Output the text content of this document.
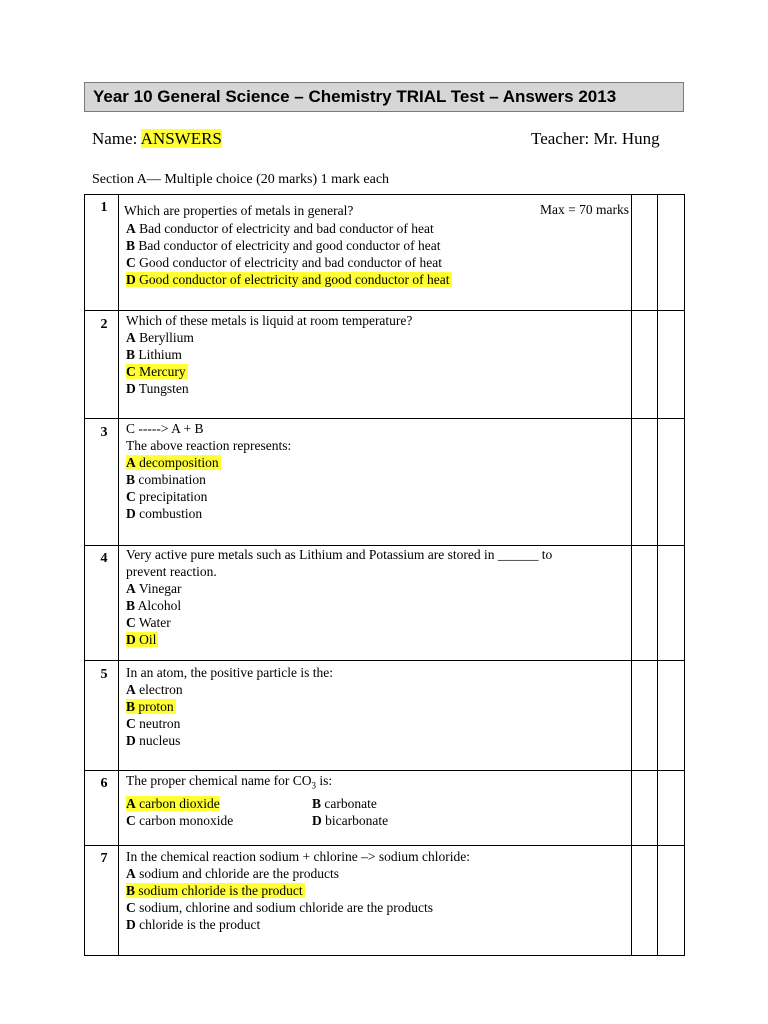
Year 10 General Science – Chemistry TRIAL Test – Answers 2013
Name: ANSWERS	Teacher: Mr. Hung
Section A— Multiple choice (20 marks) 1 mark each
Max = 70 marks
1	Which are properties of metals in general?
A Bad conductor of electricity and bad conductor of heat
B Bad conductor of electricity and good conductor of heat
C Good conductor of electricity and bad conductor of heat
D Good conductor of electricity and good conductor of heat
2	Which of these metals is liquid at room temperature?
A Beryllium
B Lithium
C Mercury
D Tungsten
3	C -----> A + B
The above reaction represents:
A decomposition
B combination
C precipitation
D combustion
4	Very active pure metals such as Lithium and Potassium are stored in ______ to
prevent reaction.
A Vinegar
B Alcohol
C Water
D Oil
5	In an atom, the positive particle is the:
A electron
B proton
C neutron
D nucleus
6	The proper chemical name for $CO_3$ is:
A carbon dioxide	B carbonate
C carbon monoxide	D bicarbonate
7	In the chemical reaction sodium + chlorine –> sodium chloride:
A sodium and chloride are the products
B sodium chloride is the product
C sodium, chlorine and sodium chloride are the products
D chloride is the product
